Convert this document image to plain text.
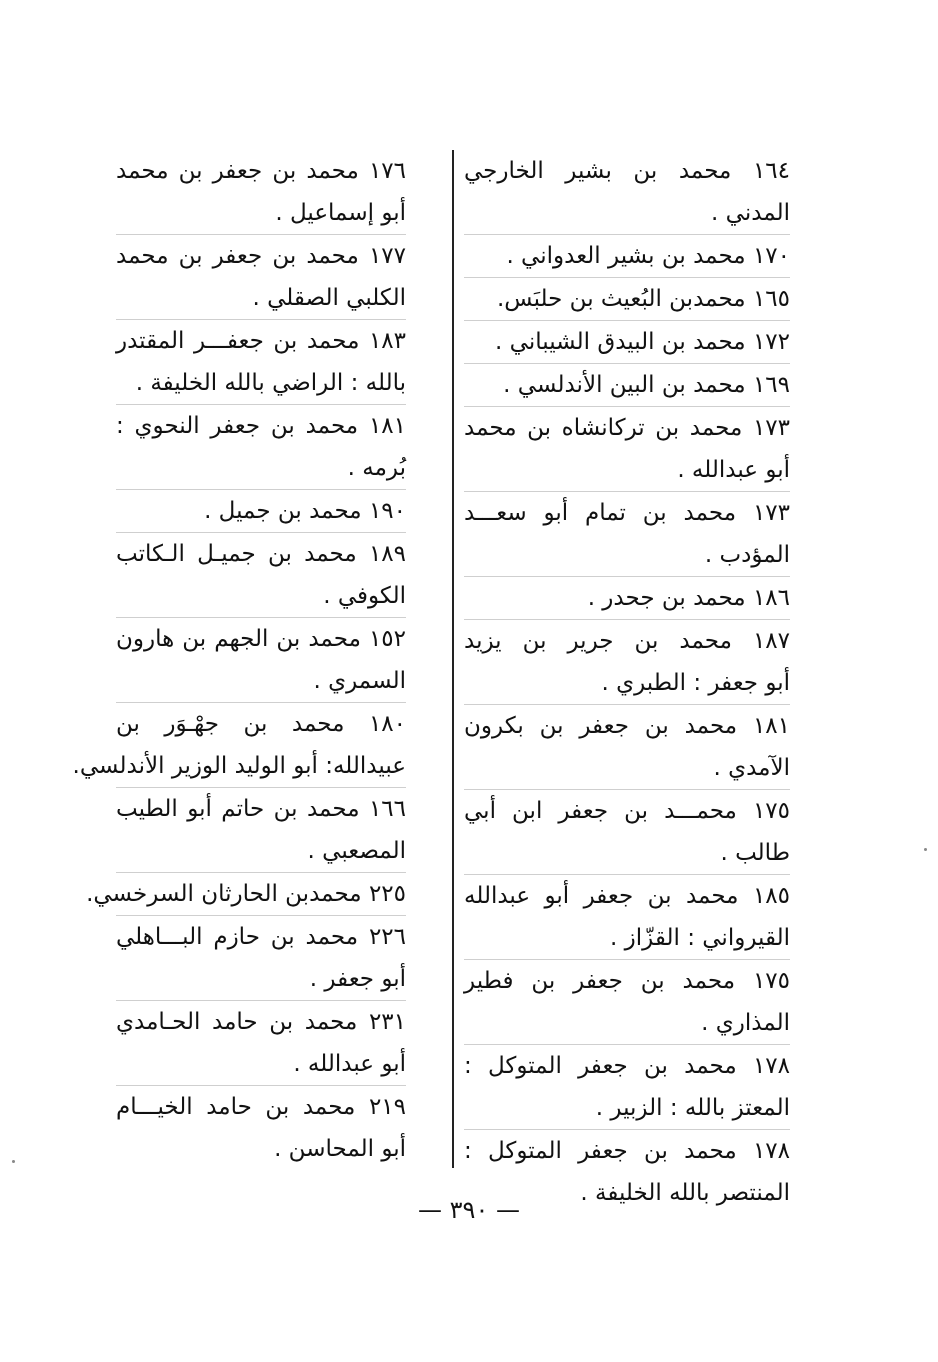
١٦٤ محمد بن بشير الخارجي
المدني .
١٧٠ محمد بن بشير العدواني .
١٦٥ محمدبن البُعيث بن حلبَس.
١٧٢ محمد بن البيدق الشيباني .
١٦٩ محمد بن البين الأندلسي .
١٧٣ محمد بن تركانشاه بن محمد
أبو عبدالله .
١٧٣ محمد بن تمام أبو سعـــد
المؤدب .
١٨٦ محمد بن جحدر .
١٨٧ محمد بن جرير بن يزيد
أبو جعفر : الطبري .
١٨١ محمد بن جعفر بن بكرون
الآمدي .
١٧٥ محمـــد بن جعفر ابن أبي
طالب .
١٨٥ محمد بن جعفر أبو عبدالله
القيرواني : القزّاز .
١٧٥ محمد بن جعفر بن فطير
المذاري .
١٧٨ محمد بن جعفر المتوكل :
المعتز بالله : الزبير .
١٧٨ محمد بن جعفر المتوكل :
المنتصر بالله الخليفة .
١٧٦ محمد بن جعفر بن محمد
أبو إسماعيل .
١٧٧ محمد بن جعفر بن محمد
الكلبي الصقلي .
١٨٣ محمد بن جعفـــر المقتدر
بالله : الراضي بالله الخليفة .
١٨١ محمد بن جعفر النحوي :
بُرمه .
١٩٠ محمد بن جميل .
١٨٩ محمد بن جميـل الـكاتب
الكوفي .
١٥٢ محمد بن الجهم بن هارون
السمري .
١٨٠ محمد بن جهْـوَر بن
عبيدالله: أبو الوليد الوزير الأندلسي.
١٦٦ محمد بن حاتم أبو الطيب
المصعبي .
٢٢٥ محمدبن الحارثان السرخسي.
٢٢٦ محمد بن حازم البـــاهلي
أبو جعفر .
٢٣١ محمد بن حامد الحـامدي
أبو عبدالله .
٢١٩ محمد بن حامد الخيـــام
أبو المحاسن .
— ٣٩٠ —
